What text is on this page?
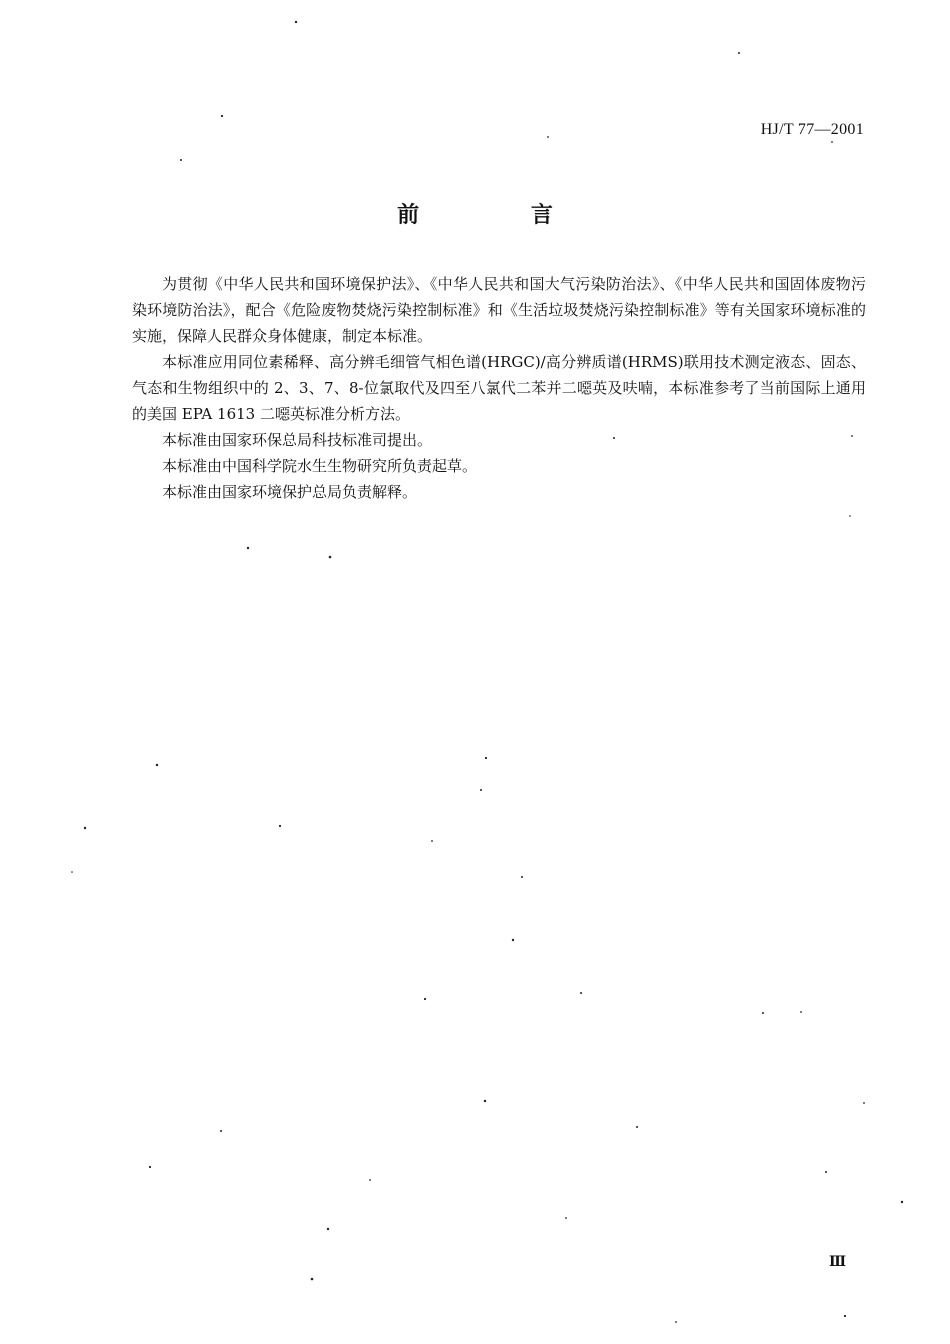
HJ/T 77—2001
前 言

为贯彻《中华人民共和国环境保护法》、《中华人民共和国大气污染防治法》、《中华人民共和国固体废物污染环境防治法》，配合《危险废物焚烧污染控制标准》和《生活垃圾焚烧污染控制标准》等有关国家环境标准的实施，保障人民群众身体健康，制定本标准。

本标准应用同位素稀释、高分辨毛细管气相色谱(HRGC)/高分辨质谱(HRMS)联用技术测定液态、固态、气态和生物组织中的 2、3、7、8-位氯取代及四至八氯代二苯并二噁英及呋喃，本标准参考了当前国际上通用的美国 EPA 1613 二噁英标准分析方法。

本标准由国家环保总局科技标准司提出。

本标准由中国科学院水生生物研究所负责起草。

本标准由国家环境保护总局负责解释。

Ⅲ
